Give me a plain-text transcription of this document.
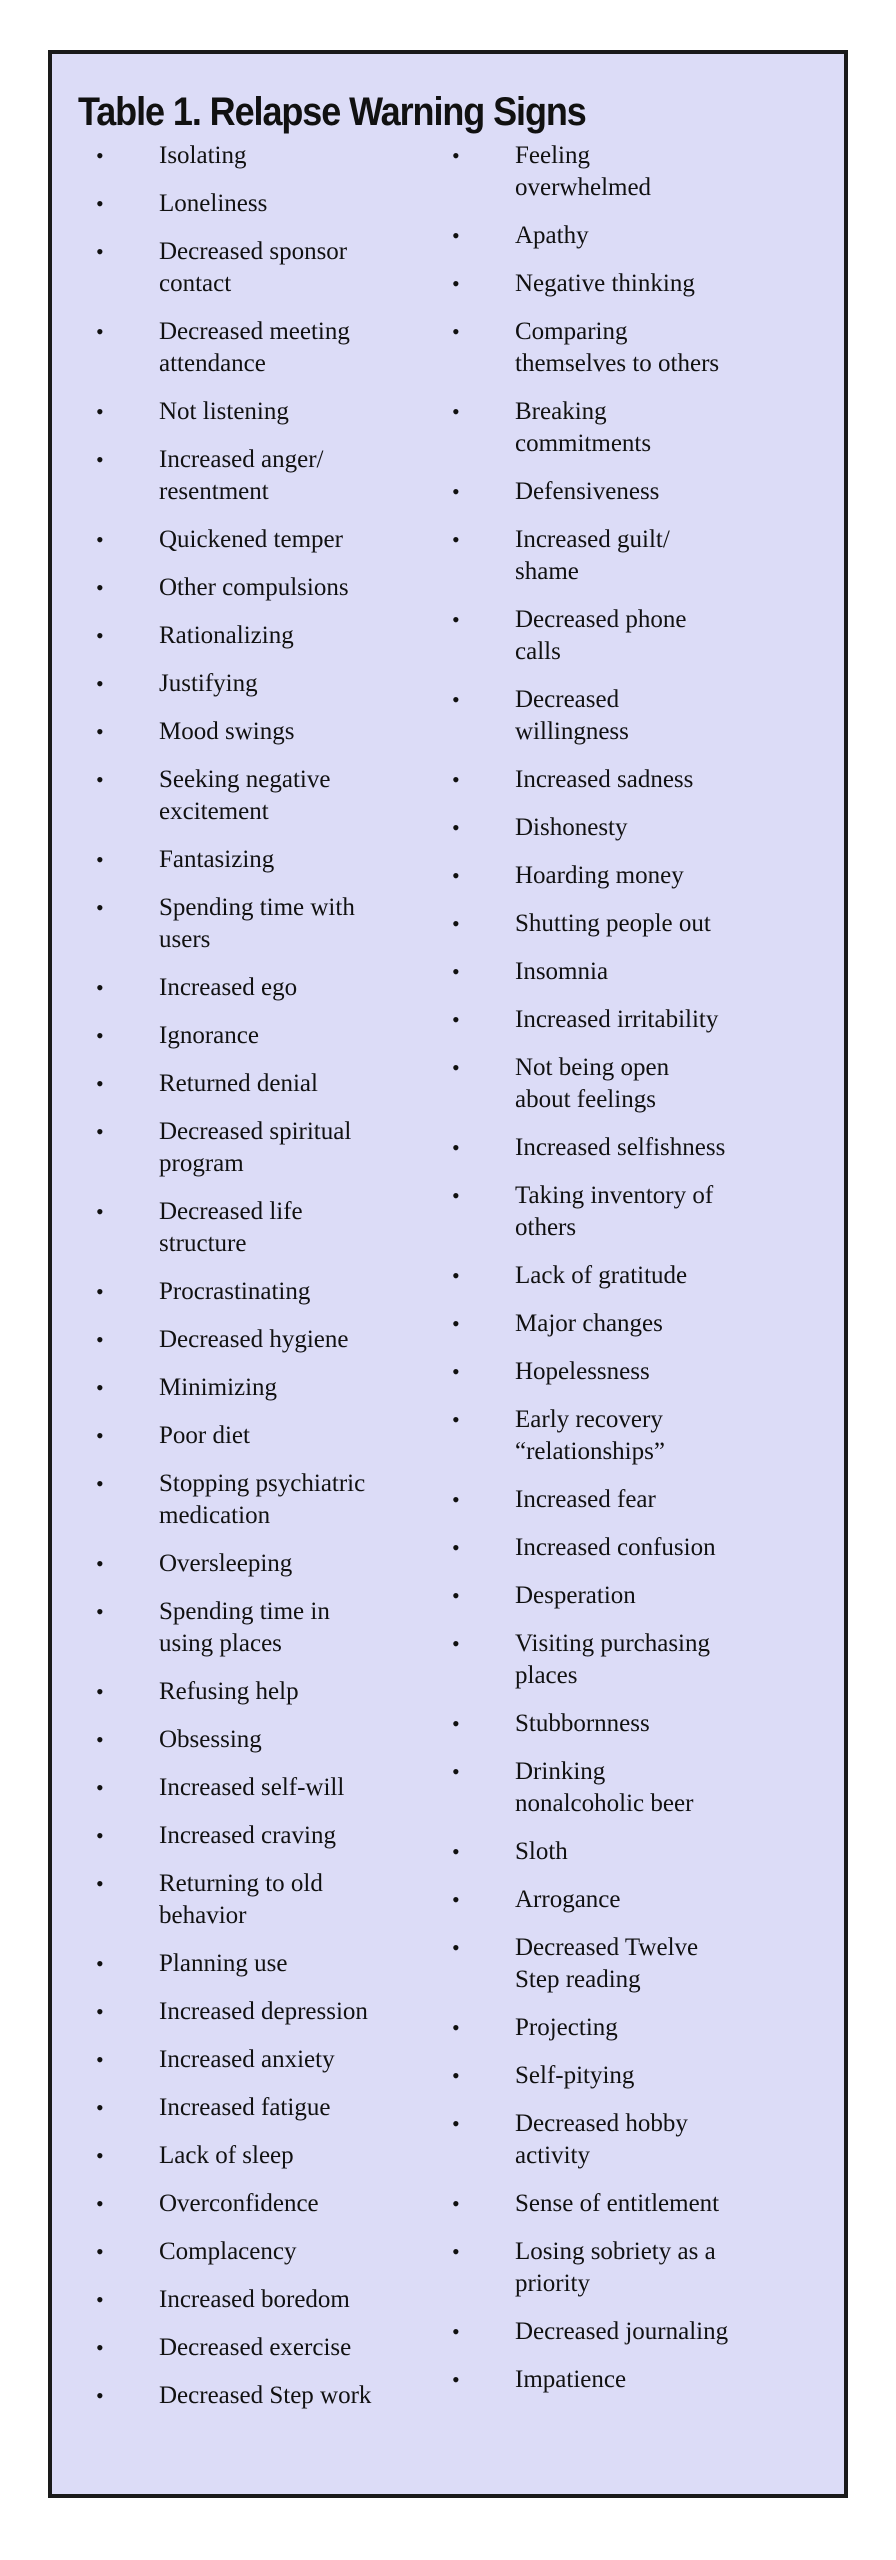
Table 1. Relapse Warning Signs
• Isolating
• Loneliness
• Decreased sponsor
contact
• Decreased meeting
attendance
• Not listening
• Increased anger/
resentment
• Quickened temper
• Other compulsions
• Rationalizing
• Justifying
• Mood swings
• Seeking negative
excitement
• Fantasizing
• Spending time with
users
• Increased ego
• Ignorance
• Returned denial
• Decreased spiritual
program
• Decreased life
structure
• Procrastinating
• Decreased hygiene
• Minimizing
• Poor diet
• Stopping psychiatric
medication
• Oversleeping
• Spending time in
using places
• Refusing help
• Obsessing
• Increased self-will
• Increased craving
• Returning to old
behavior
• Planning use
• Increased depression
• Increased anxiety
• Increased fatigue
• Lack of sleep
• Overconfidence
• Complacency
• Increased boredom
• Decreased exercise
• Decreased Step work
• Feeling
overwhelmed
• Apathy
• Negative thinking
• Comparing
themselves to others
• Breaking
commitments
• Defensiveness
• Increased guilt/
shame
• Decreased phone
calls
• Decreased
willingness
• Increased sadness
• Dishonesty
• Hoarding money
• Shutting people out
• Insomnia
• Increased irritability
• Not being open
about feelings
• Increased selfishness
• Taking inventory of
others
• Lack of gratitude
• Major changes
• Hopelessness
• Early recovery
“relationships”
• Increased fear
• Increased confusion
• Desperation
• Visiting purchasing
places
• Stubbornness
• Drinking
nonalcoholic beer
• Sloth
• Arrogance
• Decreased Twelve
Step reading
• Projecting
• Self-pitying
• Decreased hobby
activity
• Sense of entitlement
• Losing sobriety as a
priority
• Decreased journaling
• Impatience
